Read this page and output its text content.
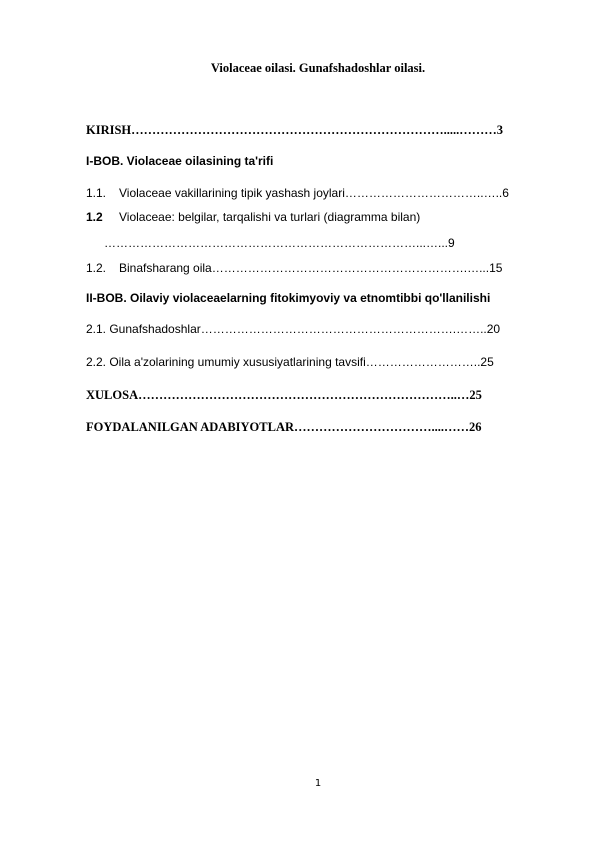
Violaceae oilasi. Gunafshadoshlar oilasi.
KIRISH………………………………………………………………….....………3
I-BOB. Violaceae oilasining ta'rifi
1.1. Violaceae vakillarining tipik yashash joylari……………………………..…..6
1.2 Violaceae: belgilar, tarqalishi va turlari (diagramma bilan)
……………………………………………………………………...…...9
1.2. Binafsharang oila……………………………………………………….…...15
II-BOB. Oilaviy violaceaelarning fitokimyoviy va etnomtibbi qo'llanilishi
2.1. Gunafshadoshlar……………………………………………………….……..20
2.2. Oila a'zolarining umumiy xususiyatlarining tavsifi………………………..25
XULOSA…………………………………………………………………..…25
FOYDALANILGAN ADABIYOTLAR……………………………....……26
1
